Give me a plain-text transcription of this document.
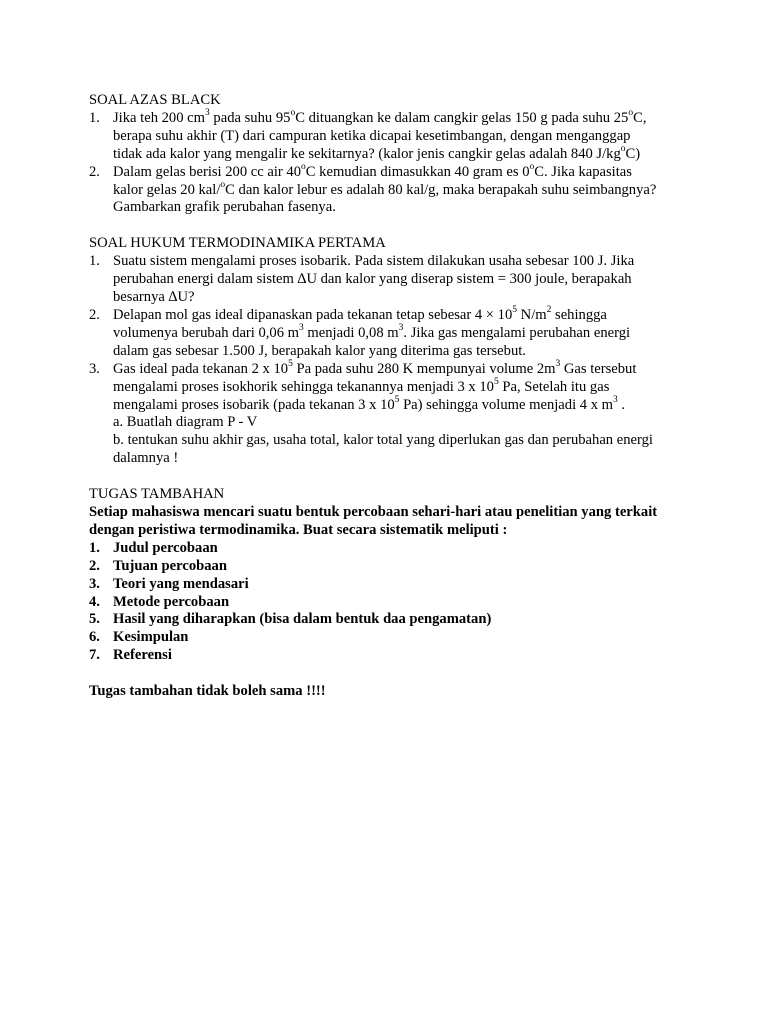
SOAL AZAS BLACK
1. Jika teh 200 $cm^3$ pada suhu 95$^o$C dituangkan ke dalam cangkir gelas 150 g pada suhu 25$^o$C,
berapa suhu akhir (T) dari campuran ketika dicapai kesetimbangan, dengan menganggap
tidak ada kalor yang mengalir ke sekitarnya? (kalor jenis cangkir gelas adalah 840 $J/kg^oC$)
2. Dalam gelas berisi 200 cc air 40$^o$C kemudian dimasukkan 40 gram es 0$^o$C. Jika kapasitas
kalor gelas 20 kal/$^o$C dan kalor lebur es adalah 80 kal/g, maka berapakah suhu seimbangnya?
Gambarkan grafik perubahan fasenya.
SOAL HUKUM TERMODINAMIKA PERTAMA
1. Suatu sistem mengalami proses isobarik. Pada sistem dilakukan usaha sebesar 100 J. Jika
perubahan energi dalam sistem ∆U dan kalor yang diserap sistem = 300 joule, berapakah
besarnya ∆U?
2. Delapan mol gas ideal dipanaskan pada tekanan tetap sebesar $4 \times 10^5$ $N/m^2$ sehingga
volumenya berubah dari 0,06 $m^3$ menjadi 0,08 $m^3$. Jika gas mengalami perubahan energi
dalam gas sebesar 1.500 J, berapakah kalor yang diterima gas tersebut.
3. Gas ideal pada tekanan 2 x $10^5$ Pa pada suhu 280 K mempunyai volume $2m^3$ Gas tersebut
mengalami proses isokhorik sehingga tekanannya menjadi 3 x $10^5$ Pa, Setelah itu gas
mengalami proses isobarik (pada tekanan 3 x $10^5$ Pa) sehingga volume menjadi 4 x $m^3$ .
a. Buatlah diagram P - V
b. tentukan suhu akhir gas, usaha total, kalor total yang diperlukan gas dan perubahan energi
dalamnya !
TUGAS TAMBAHAN
Setiap mahasiswa mencari suatu bentuk percobaan sehari-hari atau penelitian yang terkait
dengan peristiwa termodinamika. Buat secara sistematik meliputi :
1. Judul percobaan
2. Tujuan percobaan
3. Teori yang mendasari
4. Metode percobaan
5. Hasil yang diharapkan (bisa dalam bentuk daa pengamatan)
6. Kesimpulan
7. Referensi
Tugas tambahan tidak boleh sama !!!!
